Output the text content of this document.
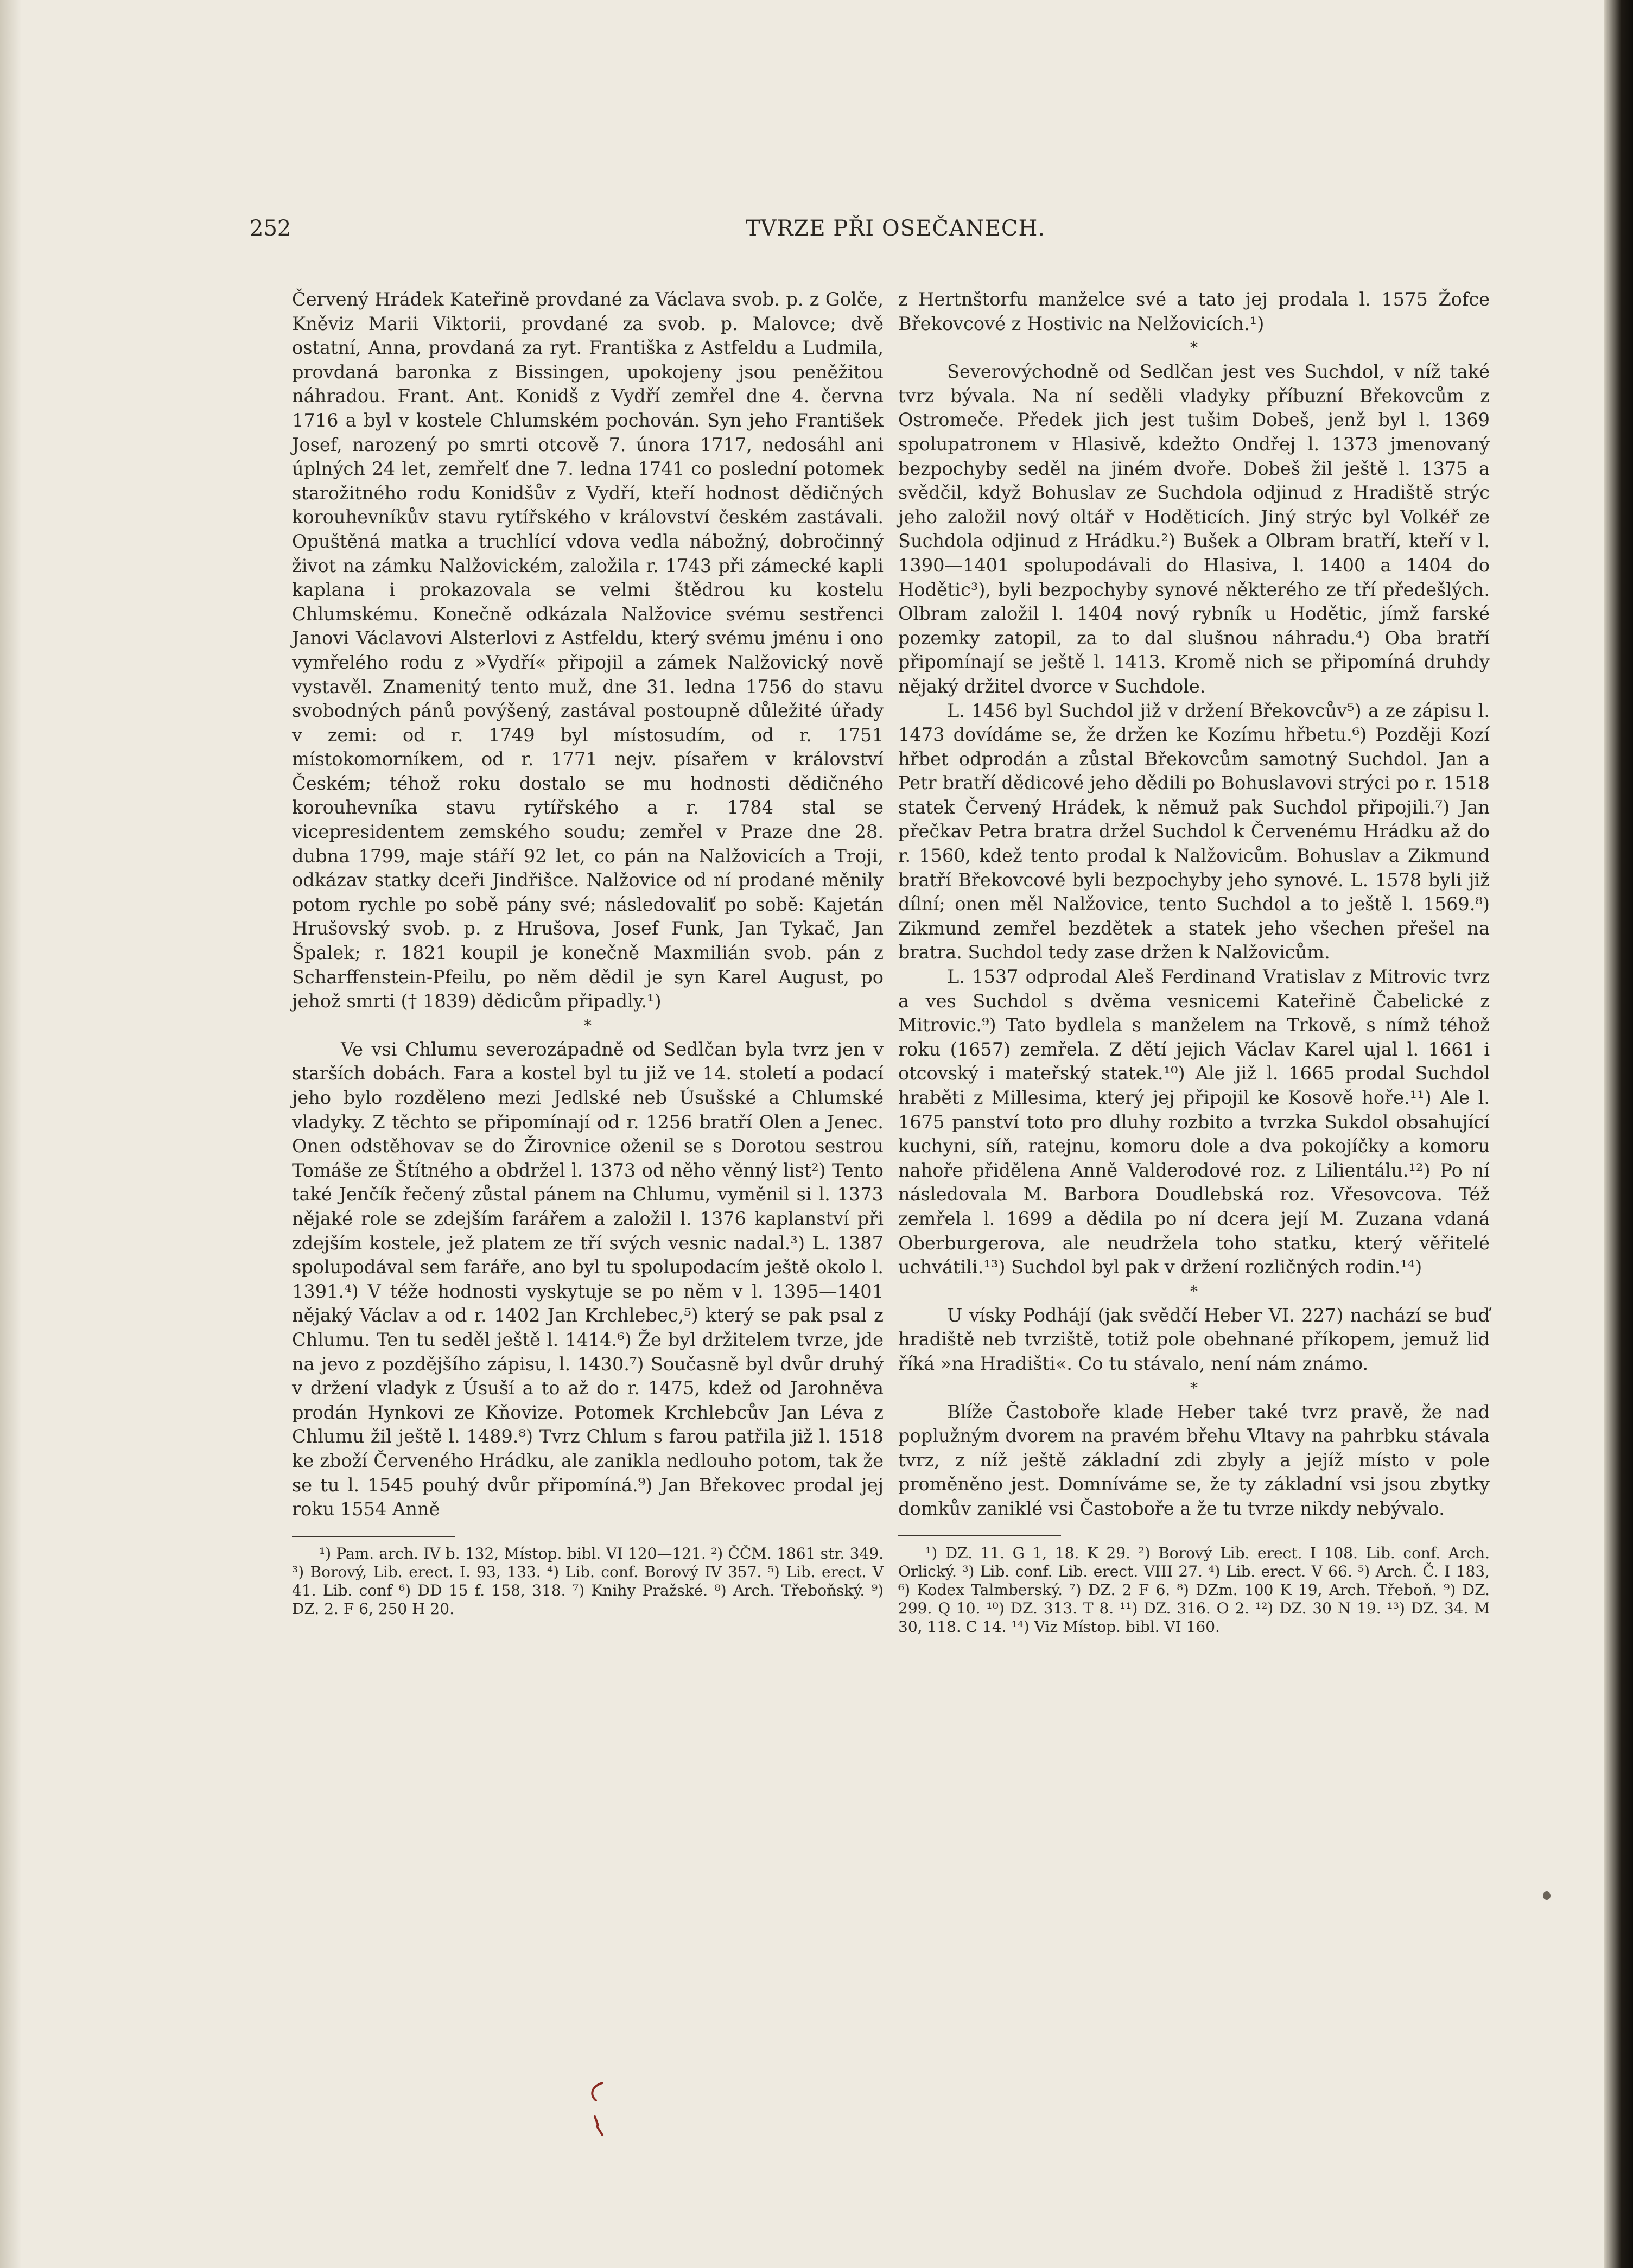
252	TVRZE PŘI OSEČANECH.

Červený Hrádek Kateřině provdané za Václava svob. p. z Golče, Kněviz Marii Viktorii, provdané za svob. p. Malovce; dvě ostatní, Anna, provdaná za ryt. Františka z Astfeldu a Ludmila, provdaná baronka z Bissingen, upokojeny jsou peněžitou náhradou. Frant. Ant. Konidš z Vydří zemřel dne 4. června 1716 a byl v kostele Chlumském pochován. Syn jeho František Josef, narozený po smrti otcově 7. února 1717, nedosáhl ani úplných 24 let, zemřelť dne 7. ledna 1741 co poslední potomek starožitného rodu Konidšův z Vydří, kteří hodnost dědičných korouhevníkův stavu rytířského v království českém zastávali. Opuštěná matka a truchlící vdova vedla nábožný, dobročinný život na zámku Nalžovickém, založila r. 1743 při zámecké kapli kaplana i prokazovala se velmi štědrou ku kostelu Chlumskému. Konečně odkázala Nalžovice svému sestřenci Janovi Václavovi Alsterlovi z Astfeldu, který svému jménu i ono vymřelého rodu z »Vydří« připojil a zámek Nalžovický nově vystavěl. Znamenitý tento muž, dne 31. ledna 1756 do stavu svobodných pánů povýšený, zastával postoupně důležité úřady v zemi: od r. 1749 byl místosudím, od r. 1751 místokomorníkem, od r. 1771 nejv. písařem v království Českém; téhož roku dostalo se mu hodnosti dědičného korouhevníka stavu rytířského a r. 1784 stal se vicepresidentem zemského soudu; zemřel v Praze dne 28. dubna 1799, maje stáří 92 let, co pán na Nalžovicích a Troji, odkázav statky dceři Jindřišce. Nalžovice od ní prodané měnily potom rychle po sobě pány své; následovaliť po sobě: Kajetán Hrušovský svob. p. z Hrušova, Josef Funk, Jan Tykač, Jan Špalek; r. 1821 koupil je konečně Maxmilián svob. pán z Scharffenstein-Pfeilu, po něm dědil je syn Karel August, po jehož smrti († 1839) dědicům připadly.¹)

*

Ve vsi Chlumu severozápadně od Sedlčan byla tvrz jen v starších dobách. Fara a kostel byl tu již ve 14. století a podací jeho bylo rozděleno mezi Jedlské neb Úsušské a Chlumské vladyky. Z těchto se připomínají od r. 1256 bratří Olen a Jenec. Onen odstěhovav se do Žirovnice oženil se s Dorotou sestrou Tomáše ze Štítného a obdržel l. 1373 od něho věnný list²) Tento také Jenčík řečený zůstal pánem na Chlumu, vyměnil si l. 1373 nějaké role se zdejším farářem a založil l. 1376 kaplanství při zdejším kostele, jež platem ze tří svých vesnic nadal.³) L. 1387 spolupodával sem faráře, ano byl tu spolupodacím ještě okolo l. 1391.⁴) V téže hodnosti vyskytuje se po něm v l. 1395—1401 nějaký Václav a od r. 1402 Jan Krchlebec,⁵) který se pak psal z Chlumu. Ten tu seděl ještě l. 1414.⁶) Že byl držitelem tvrze, jde na jevo z pozdějšího zápisu, l. 1430.⁷) Současně byl dvůr druhý v držení vladyk z Úsuší a to až do r. 1475, kdež od Jarohněva prodán Hynkovi ze Kňovize. Potomek Krchlebcův Jan Léva z Chlumu žil ještě l. 1489.⁸) Tvrz Chlum s farou patřila již l. 1518 ke zboží Červeného Hrádku, ale zanikla nedlouho potom, tak že se tu l. 1545 pouhý dvůr připomíná.⁹) Jan Břekovec prodal jej roku 1554 Anně

¹) Pam. arch. IV b. 132, Místop. bibl. VI 120—121. ²) ČČM. 1861 str. 349. ³) Borový, Lib. erect. I. 93, 133. ⁴) Lib. conf. Borový IV 357. ⁵) Lib. erect. V 41. Lib. conf ⁶) DD 15 f. 158, 318. ⁷) Knihy Pražské. ⁸) Arch. Třeboňský. ⁹) DZ. 2. F 6, 250 H 20.

z Hertnštorfu manželce své a tato jej prodala l. 1575 Žofce Břekovcové z Hostivic na Nelžovicích.¹)

*

Severovýchodně od Sedlčan jest ves Suchdol, v níž také tvrz bývala. Na ní seděli vladyky příbuzní Břekovcům z Ostromeče. Předek jich jest tušim Dobeš, jenž byl l. 1369 spolupatronem v Hlasivě, kdežto Ondřej l. 1373 jmenovaný bezpochyby seděl na jiném dvoře. Dobeš žil ještě l. 1375 a svědčil, když Bohuslav ze Suchdola odjinud z Hradiště strýc jeho založil nový oltář v Hoděticích. Jiný strýc byl Volkéř ze Suchdola odjinud z Hrádku.²) Bušek a Olbram bratří, kteří v l. 1390—1401 spolupodávali do Hlasiva, l. 1400 a 1404 do Hodětic³), byli bezpochyby synové některého ze tří předešlých. Olbram založil l. 1404 nový rybník u Hodětic, jímž farské pozemky zatopil, za to dal slušnou náhradu.⁴) Oba bratří připomínají se ještě l. 1413. Kromě nich se připomíná druhdy nějaký držitel dvorce v Suchdole.

L. 1456 byl Suchdol již v držení Břekovcův⁵) a ze zápisu l. 1473 dovídáme se, že držen ke Kozímu hřbetu.⁶) Později Kozí hřbet odprodán a zůstal Břekovcům samotný Suchdol. Jan a Petr bratří dědicové jeho dědili po Bohuslavovi strýci po r. 1518 statek Červený Hrádek, k němuž pak Suchdol připojili.⁷) Jan přečkav Petra bratra držel Suchdol k Červenému Hrádku až do r. 1560, kdež tento prodal k Nalžovicům. Bohuslav a Zikmund bratří Břekovcové byli bezpochyby jeho synové. L. 1578 byli již dílní; onen měl Nalžovice, tento Suchdol a to ještě l. 1569.⁸) Zikmund zemřel bezdětek a statek jeho všechen přešel na bratra. Suchdol tedy zase držen k Nalžovicům.

L. 1537 odprodal Aleš Ferdinand Vratislav z Mitrovic tvrz a ves Suchdol s dvěma vesnicemi Kateřině Čabelické z Mitrovic.⁹) Tato bydlela s manželem na Trkově, s nímž téhož roku (1657) zemřela. Z dětí jejich Václav Karel ujal l. 1661 i otcovský i mateřský statek.¹⁰) Ale již l. 1665 prodal Suchdol hraběti z Millesima, který jej připojil ke Kosově hoře.¹¹) Ale l. 1675 panství toto pro dluhy rozbito a tvrzka Sukdol obsahující kuchyni, síň, ratejnu, komoru dole a dva pokojíčky a komoru nahoře přidělena Anně Valderodové roz. z Lilientálu.¹²) Po ní následovala M. Barbora Doudlebská roz. Vřesovcova. Též zemřela l. 1699 a dědila po ní dcera její M. Zuzana vdaná Oberburgerova, ale neudržela toho statku, který věřitelé uchvátili.¹³) Suchdol byl pak v držení rozličných rodin.¹⁴)

*

U vísky Podhájí (jak svědčí Heber VI. 227) nachází se buď hradiště neb tvrziště, totiž pole obehnané příkopem, jemuž lid říká »na Hradišti«. Co tu stávalo, není nám známo.

*

Blíže Častoboře klade Heber také tvrz pravě, že nad poplužným dvorem na pravém břehu Vltavy na pahrbku stávala tvrz, z níž ještě základní zdi zbyly a jejíž místo v pole proměněno jest. Domníváme se, že ty základní vsi jsou zbytky domkův zaniklé vsi Častoboře a že tu tvrze nikdy nebývalo.

¹) DZ. 11. G 1, 18. K 29. ²) Borový Lib. erect. I 108. Lib. conf. Arch. Orlický. ³) Lib. conf. Lib. erect. VIII 27. ⁴) Lib. erect. V 66. ⁵) Arch. Č. I 183, ⁶) Kodex Talmberský. ⁷) DZ. 2 F 6. ⁸) DZm. 100 K 19, Arch. Třeboň. ⁹) DZ. 299. Q 10. ¹⁰) DZ. 313. T 8. ¹¹) DZ. 316. O 2. ¹²) DZ. 30 N 19. ¹³) DZ. 34. M 30, 118. C 14. ¹⁴) Viz Místop. bibl. VI 160.
